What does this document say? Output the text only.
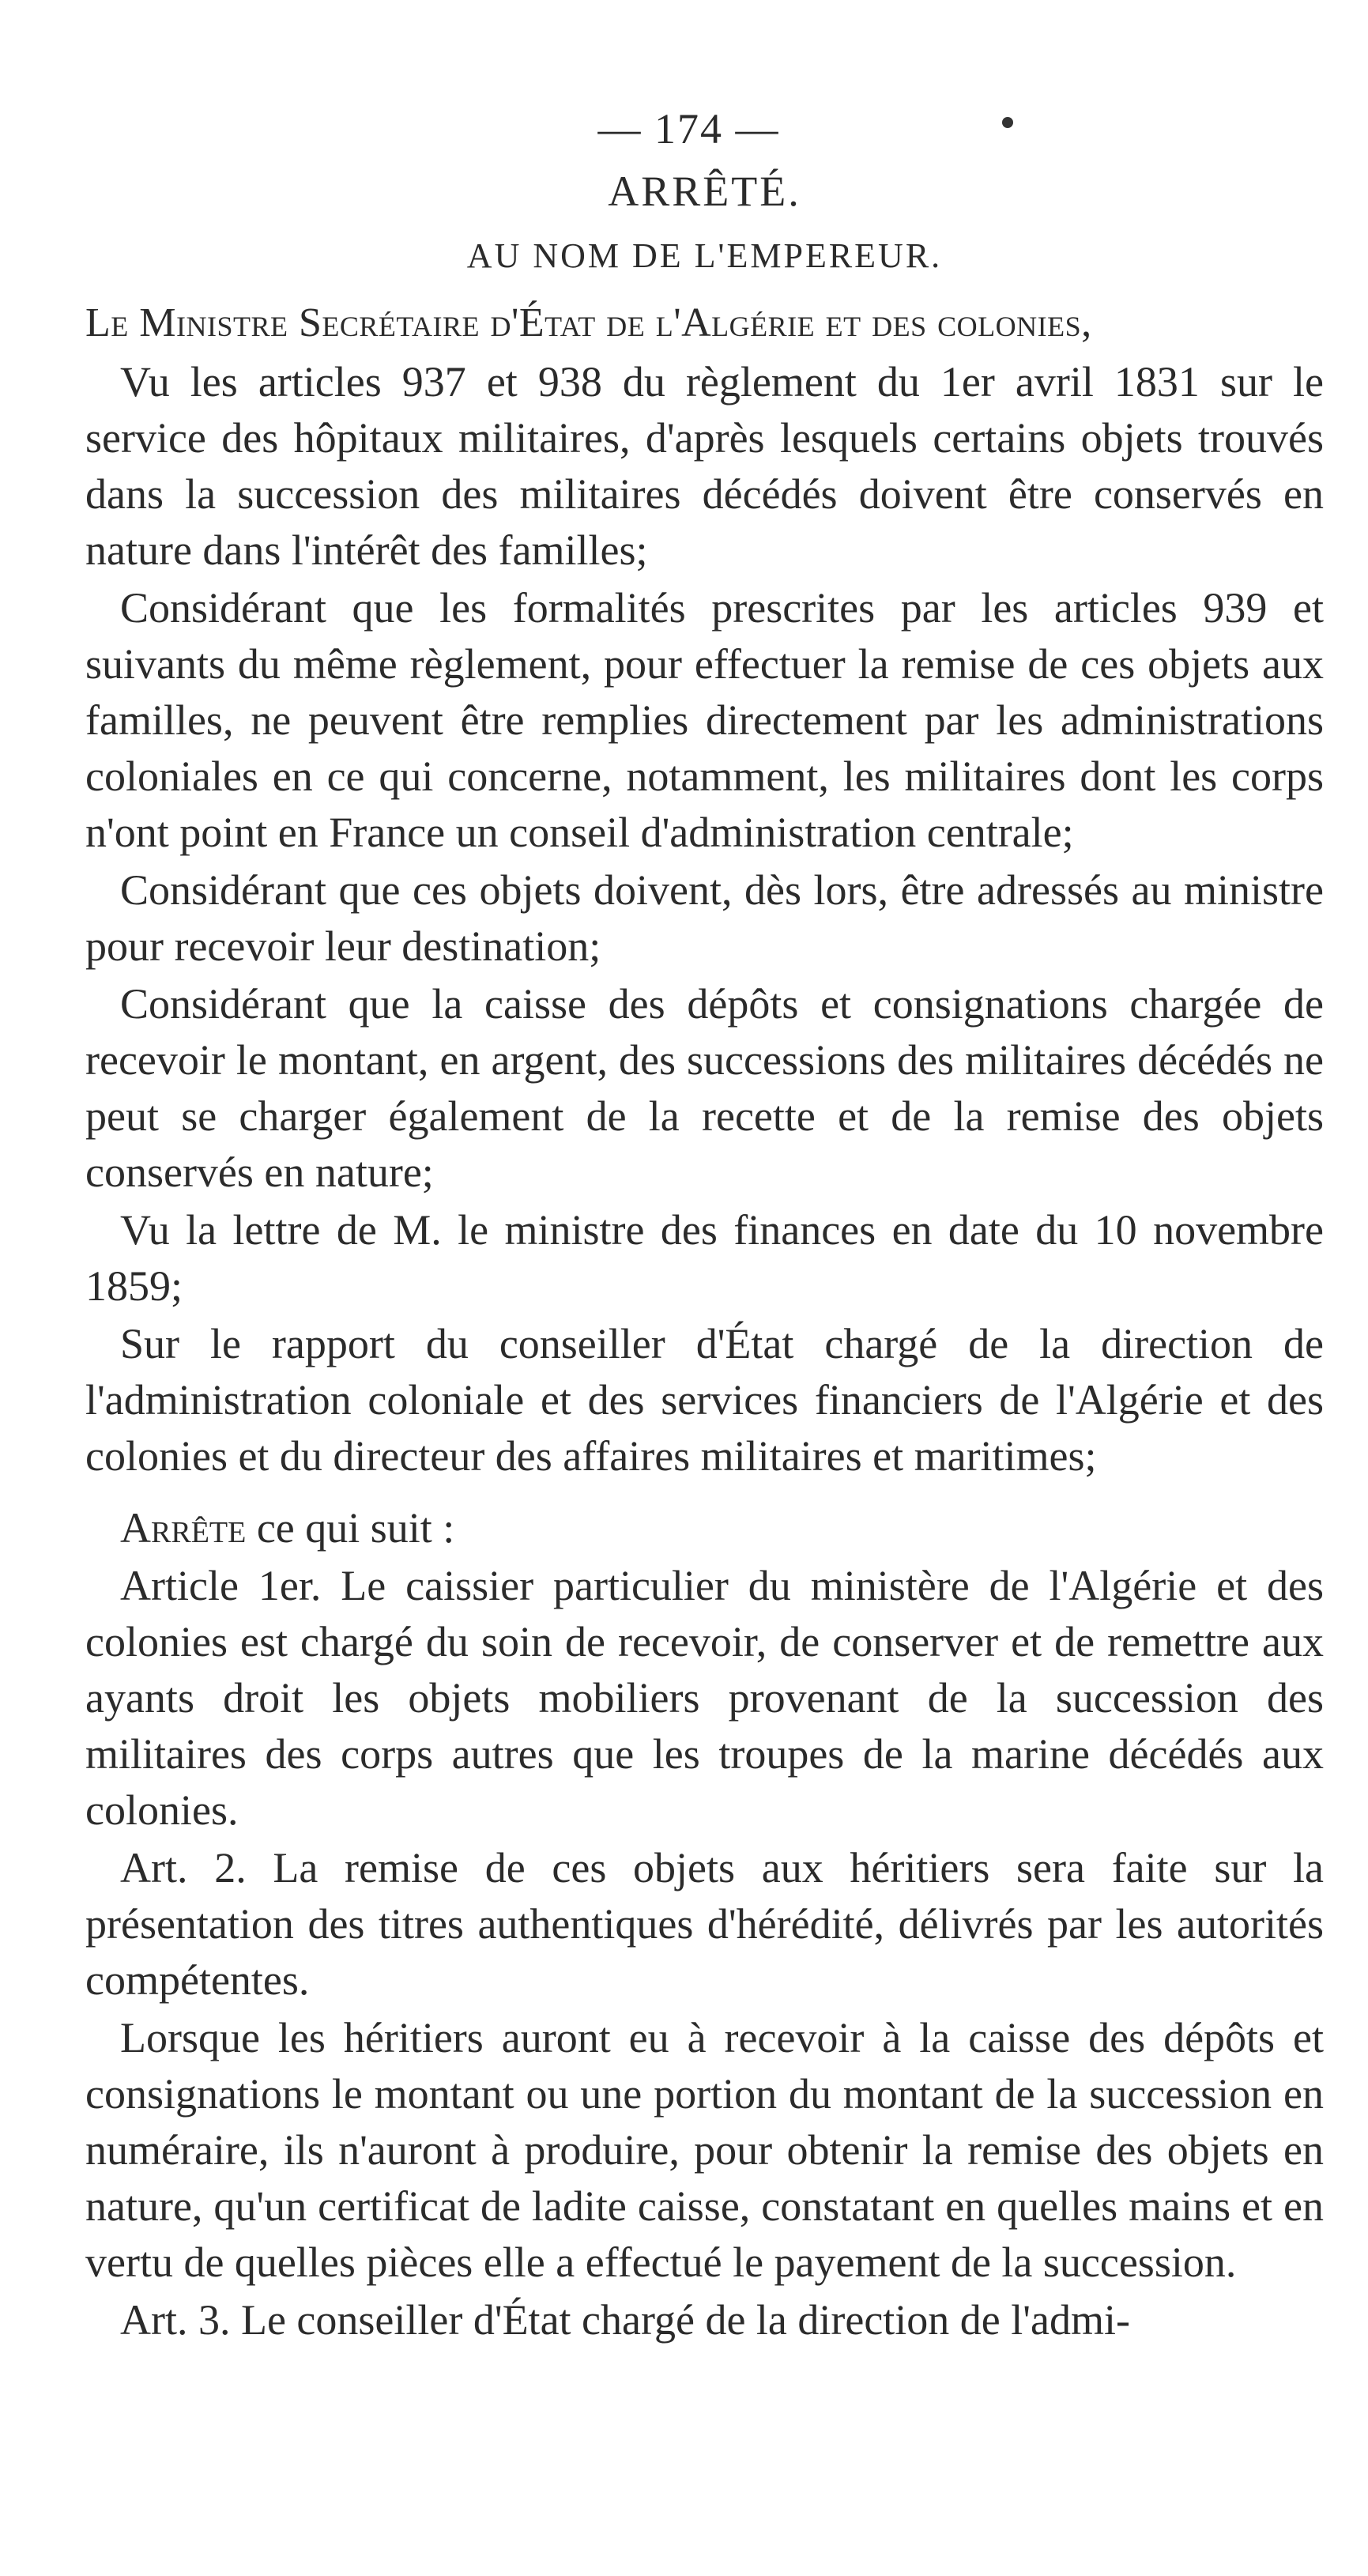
— 174 —
ARRÊTÉ.
AU NOM DE L'EMPEREUR.
Le Ministre Secrétaire d'État de l'Algérie et des colonies,

Vu les articles 937 et 938 du règlement du 1er avril 1831 sur le service des hôpitaux militaires, d'après lesquels certains objets trouvés dans la succession des militaires décédés doivent être conservés en nature dans l'intérêt des familles;

Considérant que les formalités prescrites par les articles 939 et suivants du même règlement, pour effectuer la remise de ces objets aux familles, ne peuvent être remplies directement par les administrations coloniales en ce qui concerne, notamment, les militaires dont les corps n'ont point en France un conseil d'administration centrale;

Considérant que ces objets doivent, dès lors, être adressés au ministre pour recevoir leur destination;

Considérant que la caisse des dépôts et consignations chargée de recevoir le montant, en argent, des successions des militaires décédés ne peut se charger également de la recette et de la remise des objets conservés en nature;

Vu la lettre de M. le ministre des finances en date du 10 novembre 1859;

Sur le rapport du conseiller d'État chargé de la direction de l'administration coloniale et des services financiers de l'Algérie et des colonies et du directeur des affaires militaires et maritimes;

Arrête ce qui suit :

Article 1er. Le caissier particulier du ministère de l'Algérie et des colonies est chargé du soin de recevoir, de conserver et de remettre aux ayants droit les objets mobiliers provenant de la succession des militaires des corps autres que les troupes de la marine décédés aux colonies.

Art. 2. La remise de ces objets aux héritiers sera faite sur la présentation des titres authentiques d'hérédité, délivrés par les autorités compétentes.

Lorsque les héritiers auront eu à recevoir à la caisse des dépôts et consignations le montant ou une portion du montant de la succession en numéraire, ils n'auront à produire, pour obtenir la remise des objets en nature, qu'un certificat de ladite caisse, constatant en quelles mains et en vertu de quelles pièces elle a effectué le payement de la succession.

Art. 3. Le conseiller d'État chargé de la direction de l'admi-
